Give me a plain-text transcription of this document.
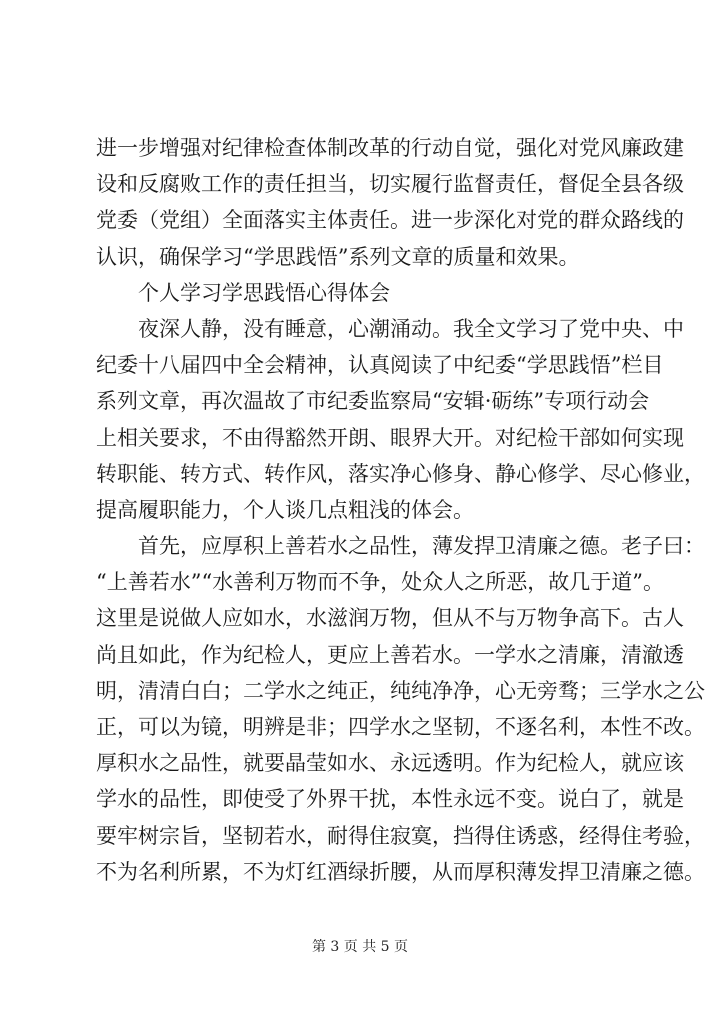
进一步增强对纪律检查体制改革的行动自觉，强化对党风廉政建
设和反腐败工作的责任担当，切实履行监督责任，督促全县各级
党委（党组）全面落实主体责任。进一步深化对党的群众路线的
认识，确保学习“学思践悟”系列文章的质量和效果。
个人学习学思践悟心得体会
夜深人静，没有睡意，心潮涌动。我全文学习了党中央、中
纪委十八届四中全会精神，认真阅读了中纪委“学思践悟”栏目
系列文章，再次温故了市纪委监察局“安辑·砺练”专项行动会
上相关要求，不由得豁然开朗、眼界大开。对纪检干部如何实现
转职能、转方式、转作风，落实净心修身、静心修学、尽心修业，
提高履职能力，个人谈几点粗浅的体会。
首先，应厚积上善若水之品性，薄发捍卫清廉之德。老子曰：
“上善若水”“水善利万物而不争，处众人之所恶，故几于道”。
这里是说做人应如水，水滋润万物，但从不与万物争高下。古人
尚且如此，作为纪检人，更应上善若水。一学水之清廉，清澈透
明，清清白白；二学水之纯正，纯纯净净，心无旁骛；三学水之公
正，可以为镜，明辨是非；四学水之坚韧，不逐名利，本性不改。
厚积水之品性，就要晶莹如水、永远透明。作为纪检人，就应该
学水的品性，即使受了外界干扰，本性永远不变。说白了，就是
要牢树宗旨，坚韧若水，耐得住寂寞，挡得住诱惑，经得住考验，
不为名利所累，不为灯红酒绿折腰，从而厚积薄发捍卫清廉之德。
第 3 页 共 5 页
